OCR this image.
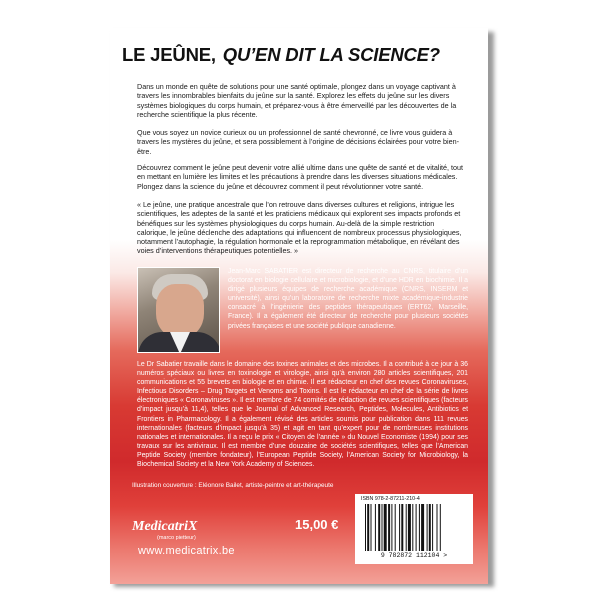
LE JEÛNE, QU’EN DIT LA SCIENCE?

Dans un monde en quête de solutions pour une santé optimale, plongez dans un voyage captivant à travers les innombrables bienfaits du jeûne sur la santé. Explorez les effets du jeûne sur les divers systèmes biologiques du corps humain, et préparez-vous à être émerveillé par les découvertes de la recherche scientifique la plus récente.

Que vous soyez un novice curieux ou un professionnel de santé chevronné, ce livre vous guidera à travers les mystères du jeûne, et sera possiblement à l’origine de décisions éclairées pour votre bien-être.

Découvrez comment le jeûne peut devenir votre allié ultime dans une quête de santé et de vitalité, tout en mettant en lumière les limites et les précautions à prendre dans les diverses situations médicales. Plongez dans la science du jeûne et découvrez comment il peut révolutionner votre santé.

« Le jeûne, une pratique ancestrale que l’on retrouve dans diverses cultures et religions, intrigue les scientifiques, les adeptes de la santé et les praticiens médicaux qui explorent ses impacts profonds et bénéfiques sur les systèmes physiologiques du corps humain. Au-delà de la simple restriction calorique, le jeûne déclenche des adaptations qui influencent de nombreux processus physiologiques, notamment l’autophagie, la régulation hormonale et la reprogrammation métabolique, en révélant des voies d’interventions thérapeutiques potentielles. »

Jean-Marc SABATIER est directeur de recherche au CNRS, titulaire d’un doctorat en biologie cellulaire et microbiologie, et d’une HDR en biochimie. Il a dirigé plusieurs équipes de recherche académique (CNRS, INSERM et université), ainsi qu’un laboratoire de recherche mixte académique-industrie consacré à l’ingénierie des peptides thérapeutiques (ERT62, Marseille, France). Il a également été directeur de recherche pour plusieurs sociétés privées françaises et une société publique canadienne.

Le Dr Sabatier travaille dans le domaine des toxines animales et des microbes. Il a contribué à ce jour à 36 numéros spéciaux ou livres en toxinologie et virologie, ainsi qu’à environ 280 articles scientifiques, 201 communications et 55 brevets en biologie et en chimie. Il est rédacteur en chef des revues Coronaviruses, Infectious Disorders – Drug Targets et Venoms and Toxins. Il est le rédacteur en chef de la série de livres électroniques « Coronaviruses ». Il est membre de 74 comités de rédaction de revues scientifiques (facteurs d’impact jusqu’à 11,4), telles que le Journal of Advanced Research, Peptides, Molecules, Antibiotics et Frontiers in Pharmacology. Il a également révisé des articles soumis pour publication dans 111 revues internationales (facteurs d’impact jusqu’à 35) et agit en tant qu’expert pour de nombreuses institutions nationales et internationales. Il a reçu le prix « Citoyen de l’année » du Nouvel Economiste (1994) pour ses travaux sur les antiviraux. Il est membre d’une douzaine de sociétés scientifiques, telles que l’American Peptide Society (membre fondateur), l’European Peptide Society, l’American Society for Microbiology, la Biochemical Society et la New York Academy of Sciences.

Illustration couverture : Eléonore Bailet, artiste-peintre et art-thérapeute
MedicatriX
(marco pietteur)
www.medicatrix.be
15,00 €
ISBN 978-2-87211-210-4
9 782872 112104 >
